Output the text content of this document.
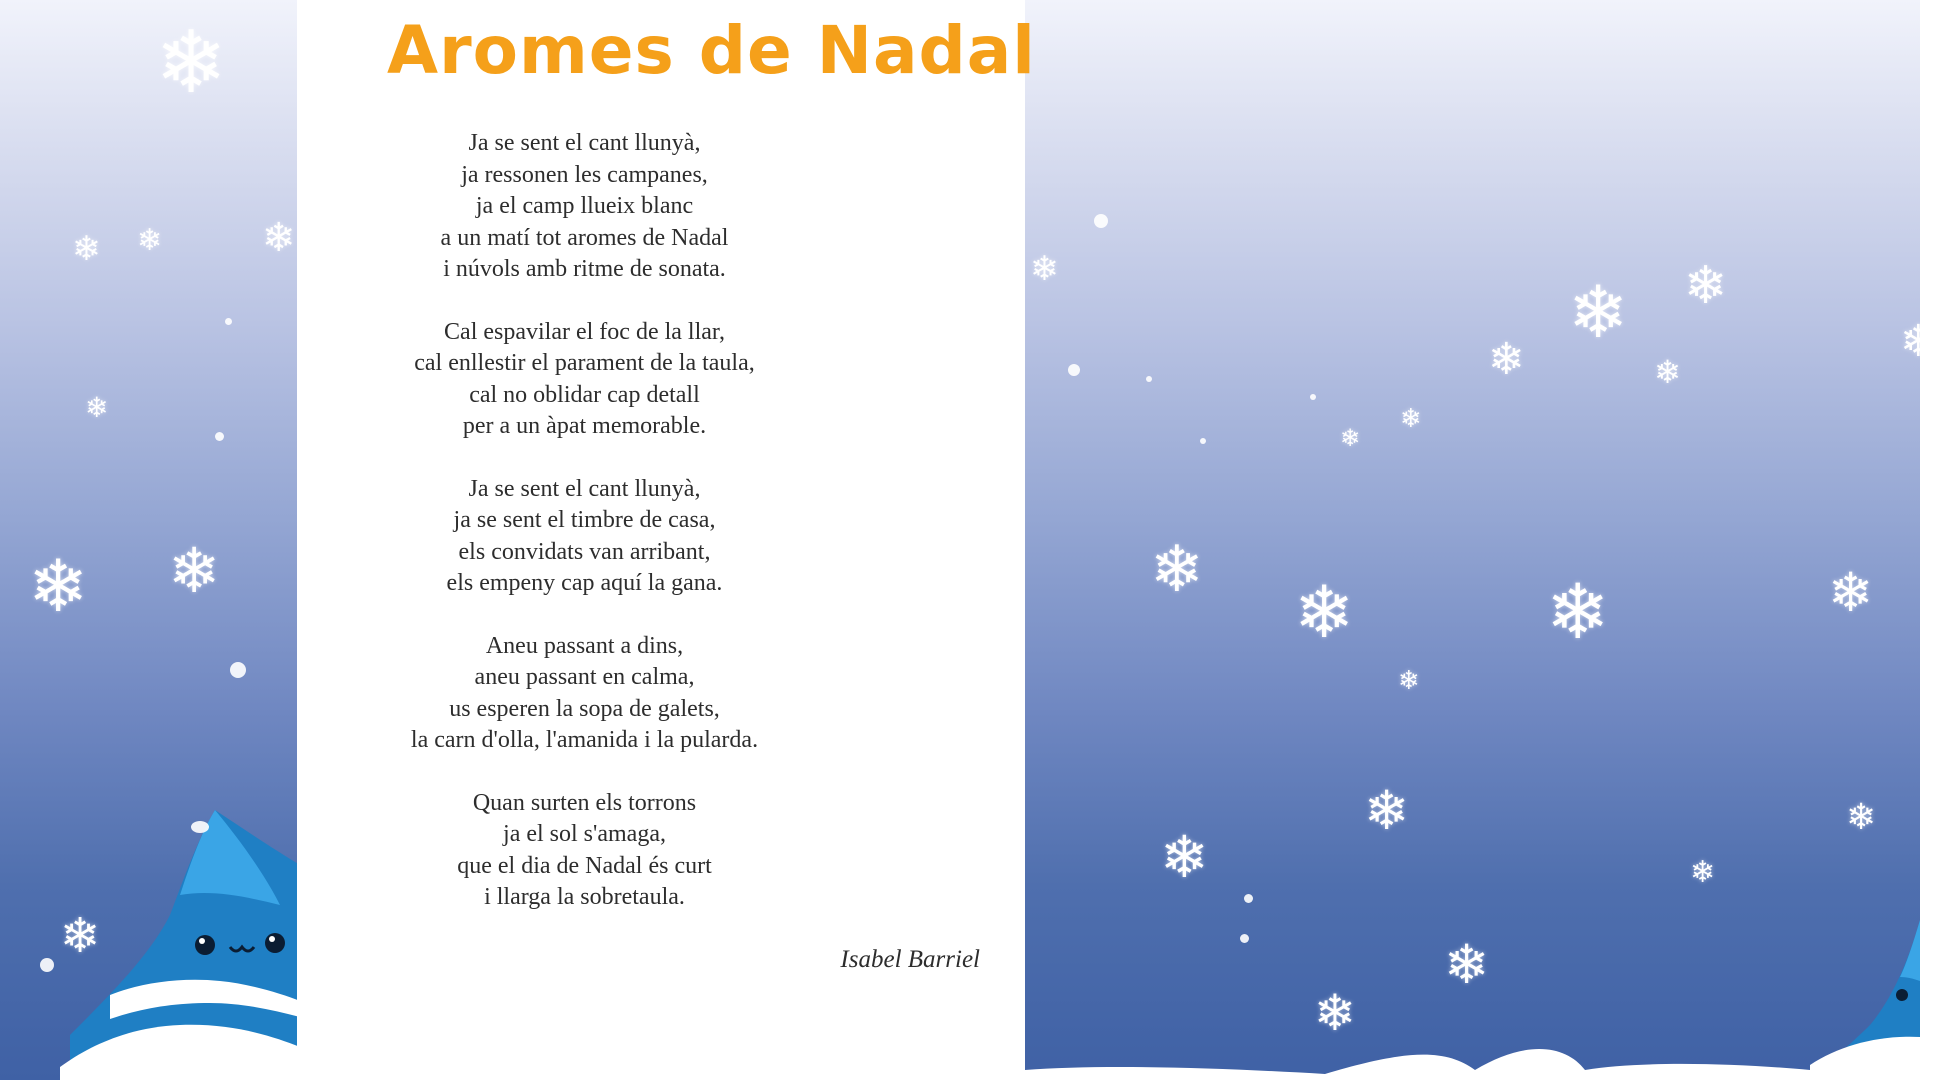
❄
❄ ❄ ❄
❄
❄ ❄
❄
❄
❄ ❄
❄	❄
❄
❄
❄
❄ ❄	❄	❄
❄
❄	❄
❄	❄
❄
❄
Aromes de Nadal
Ja se sent el cant llunyà,
ja ressonen les campanes,
ja el camp llueix blanc
a un matí tot aromes de Nadal
i núvols amb ritme de sonata.
Cal espavilar el foc de la llar,
cal enllestir el parament de la taula,
cal no oblidar cap detall
per a un àpat memorable.
Ja se sent el cant llunyà,
ja se sent el timbre de casa,
els convidats van arribant,
els empeny cap aquí la gana.
Aneu passant a dins,
aneu passant en calma,
us esperen la sopa de galets,
la carn d'olla, l'amanida i la pularda.
Quan surten els torrons
ja el sol s'amaga,
que el dia de Nadal és curt
i llarga la sobretaula.
Isabel Barriel
